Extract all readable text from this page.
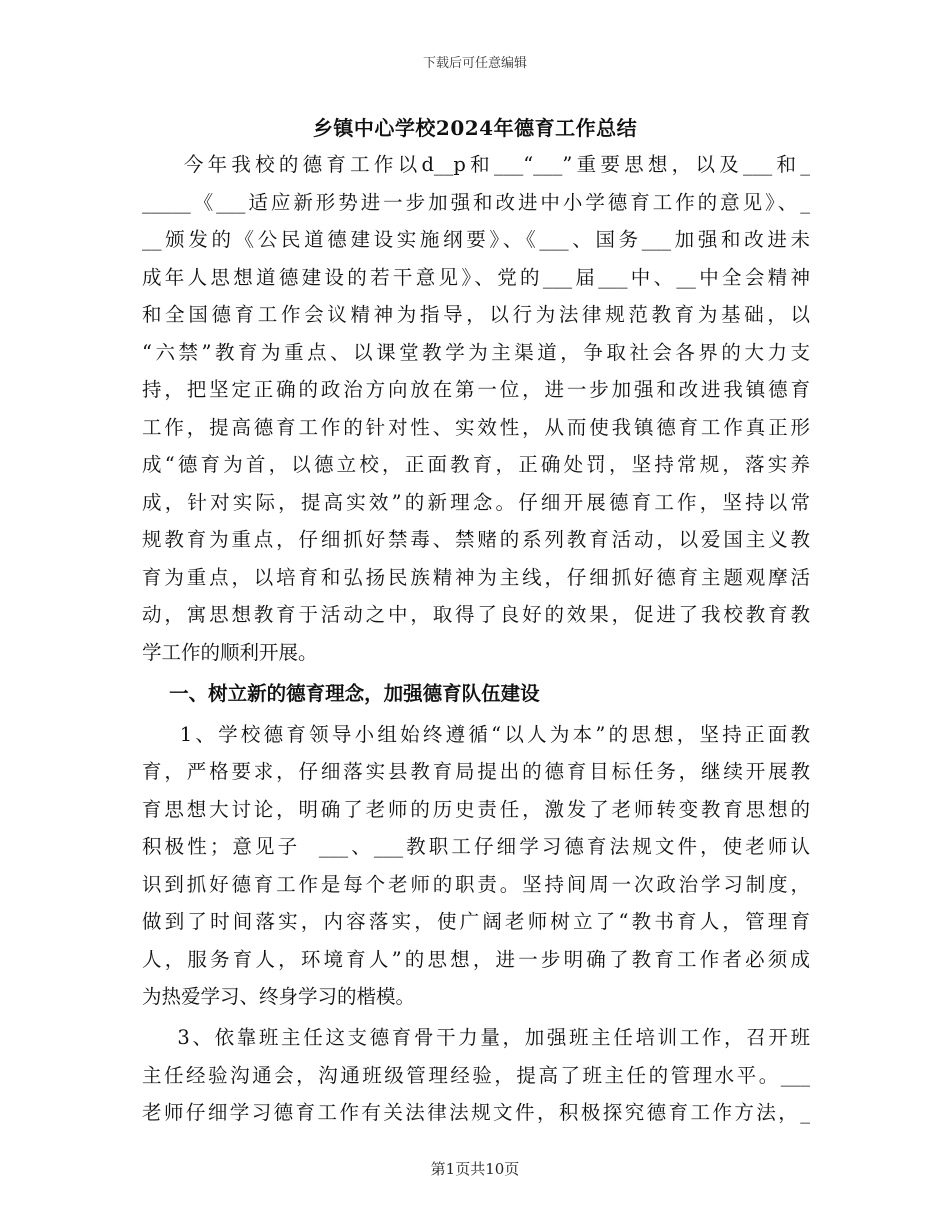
下载后可任意编辑
乡镇中心学校2024年德育工作总结
今年我校的德育工作以d__p和___“___”重要思想，以及___和_
_____《___适应新形势进一步加强和改进中小学德育工作的意见》、_
__颁发的《公民道德建设实施纲要》、《___、国务___加强和改进未
成年人思想道德建设的若干意见》、党的___届___中、__中全会精神
和全国德育工作会议精神为指导，以行为法律规范教育为基础，以
“六禁”教育为重点、以课堂教学为主渠道，争取社会各界的大力支
持，把坚定正确的政治方向放在第一位，进一步加强和改进我镇德育
工作，提高德育工作的针对性、实效性，从而使我镇德育工作真正形
成“德育为首，以德立校，正面教育，正确处罚，坚持常规，落实养
成，针对实际，提高实效”的新理念。仔细开展德育工作，坚持以常
规教育为重点，仔细抓好禁毒、禁赌的系列教育活动，以爱国主义教
育为重点，以培育和弘扬民族精神为主线，仔细抓好德育主题观摩活
动，寓思想教育于活动之中，取得了良好的效果，促进了我校教育教
学工作的顺利开展。
一、树立新的德育理念，加强德育队伍建设
1、学校德育领导小组始终遵循“以人为本”的思想，坚持正面教
育，严格要求，仔细落实县教育局提出的德育目标任务，继续开展教
育思想大讨论，明确了老师的历史责任，激发了老师转变教育思想的
积极性；意见子  ___、___教职工仔细学习德育法规文件，使老师认
识到抓好德育工作是每个老师的职责。坚持间周一次政治学习制度，
做到了时间落实，内容落实，使广阔老师树立了“教书育人，管理育
人，服务育人，环境育人”的思想，进一步明确了教育工作者必须成
为热爱学习、终身学习的楷模。
3、依靠班主任这支德育骨干力量，加强班主任培训工作，召开班
主任经验沟通会，沟通班级管理经验，提高了班主任的管理水平。___
老师仔细学习德育工作有关法律法规文件，积极探究德育工作方法，_
第1页共10页
